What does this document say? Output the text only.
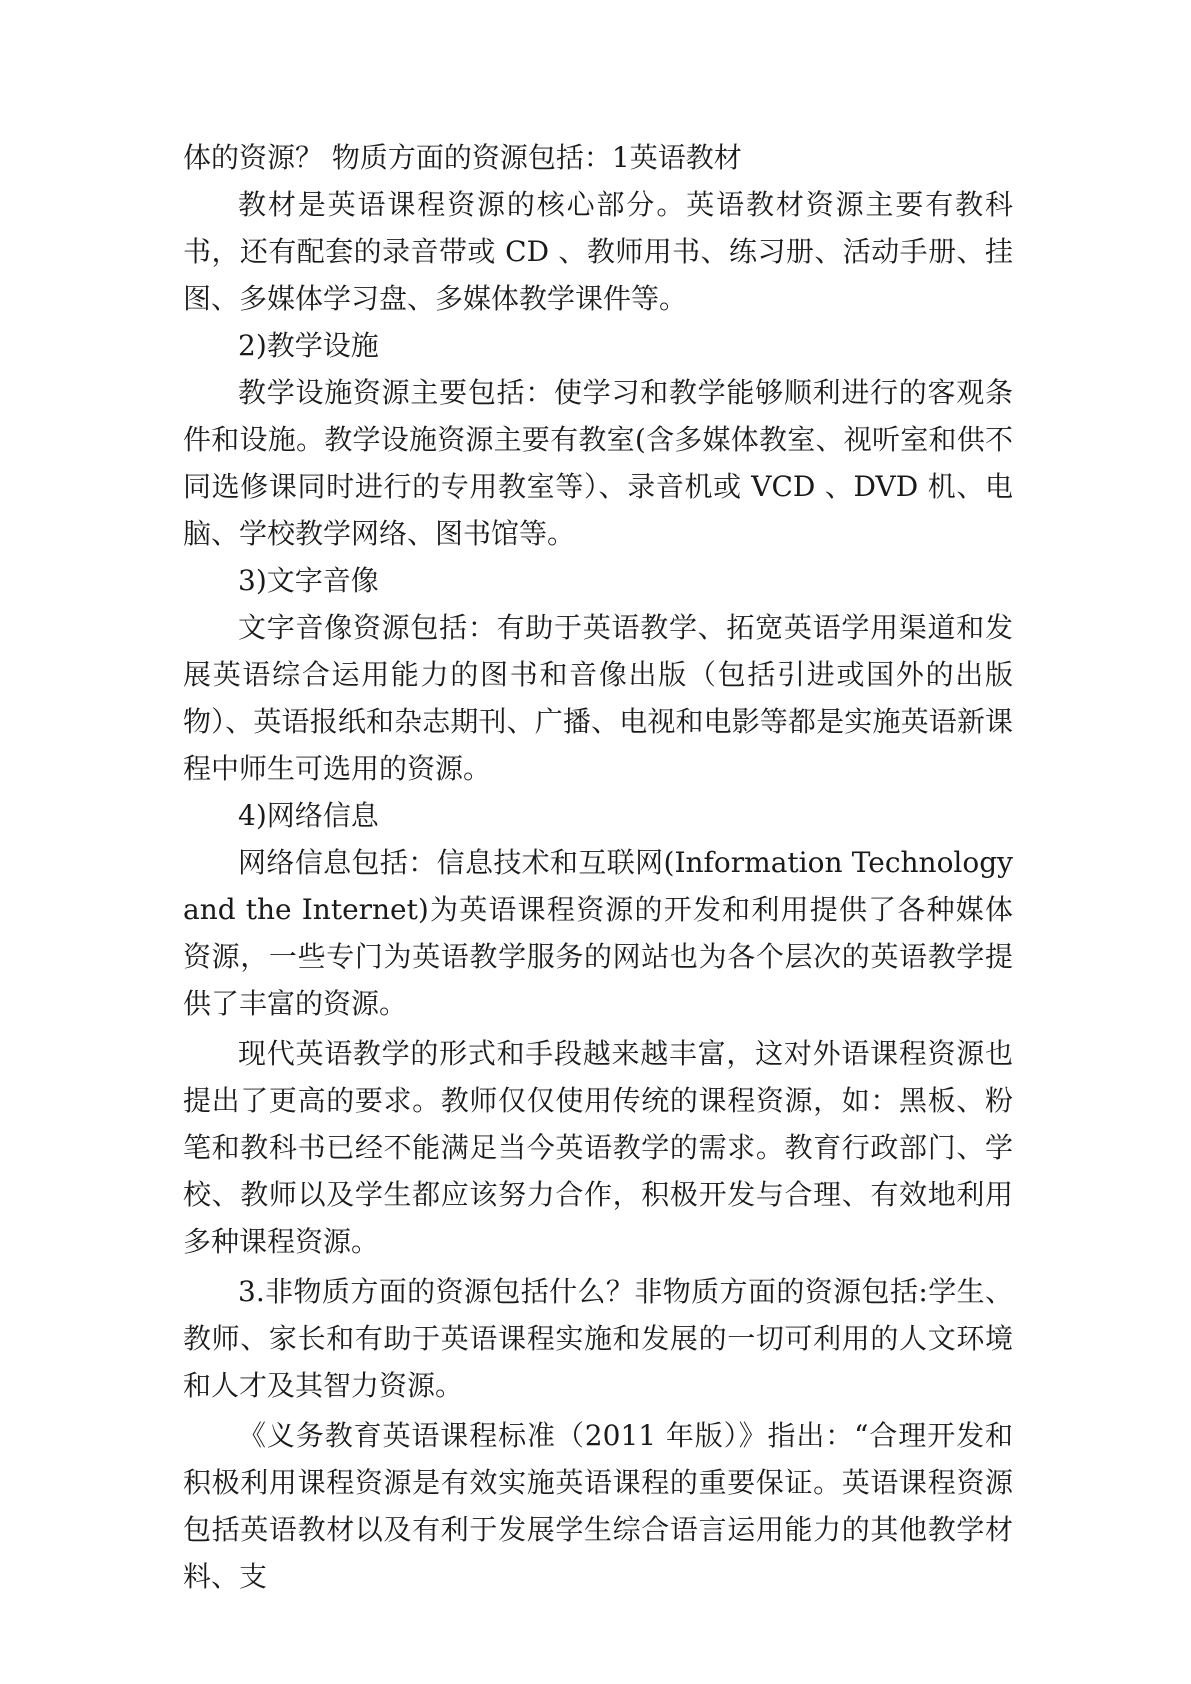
体的资源？ 物质方面的资源包括：1英语教材

教材是英语课程资源的核心部分。英语教材资源主要有教科书，还有配套的录音带或 CD 、教师用书、练习册、活动手册、挂图、多媒体学习盘、多媒体教学课件等。

2)教学设施

教学设施资源主要包括：使学习和教学能够顺利进行的客观条件和设施。教学设施资源主要有教室(含多媒体教室、视听室和供不同选修课同时进行的专用教室等）、录音机或 VCD 、DVD 机、电脑、学校教学网络、图书馆等。

3)文字音像

文字音像资源包括：有助于英语教学、拓宽英语学用渠道和发展英语综合运用能力的图书和音像出版（包括引进或国外的出版物）、英语报纸和杂志期刊、广播、电视和电影等都是实施英语新课程中师生可选用的资源。

4)网络信息

网络信息包括：信息技术和互联网(Information Technology and the Internet)为英语课程资源的开发和利用提供了各种媒体资源，一些专门为英语教学服务的网站也为各个层次的英语教学提供了丰富的资源。

现代英语教学的形式和手段越来越丰富，这对外语课程资源也提出了更高的要求。教师仅仅使用传统的课程资源，如：黑板、粉笔和教科书已经不能满足当今英语教学的需求。教育行政部门、学校、教师以及学生都应该努力合作，积极开发与合理、有效地利用多种课程资源。

3.非物质方面的资源包括什么？非物质方面的资源包括:学生、教师、家长和有助于英语课程实施和发展的一切可利用的人文环境和人才及其智力资源。

《义务教育英语课程标准（2011 年版）》指出：“合理开发和积极利用课程资源是有效实施英语课程的重要保证。英语课程资源包括英语教材以及有利于发展学生综合语言运用能力的其他教学材料、支
